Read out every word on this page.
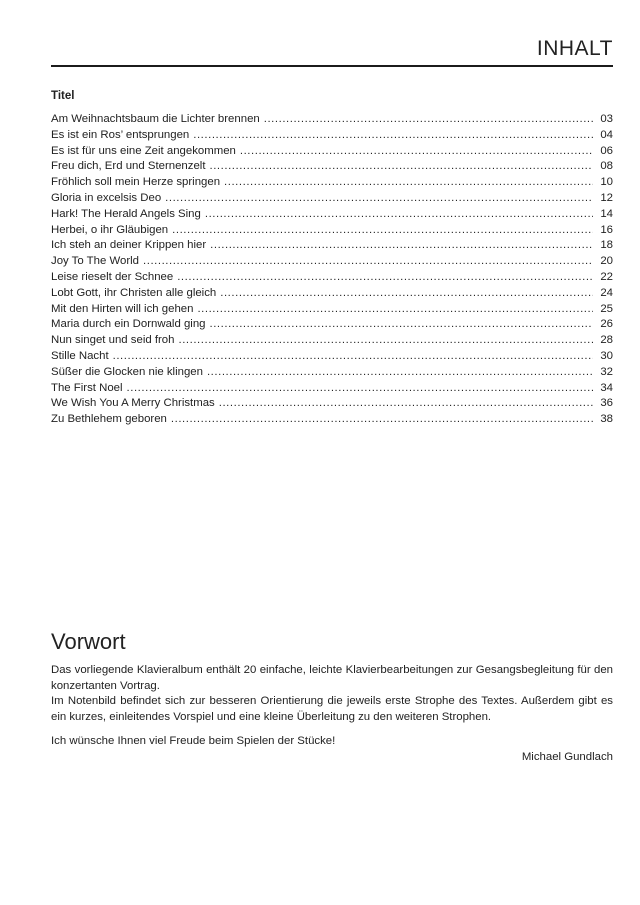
INHALT
Titel
Am Weihnachtsbaum die Lichter brennen .....	03
Es ist ein Ros’ entsprungen .....	04
Es ist für uns eine Zeit angekommen .....	06
Freu dich, Erd und Sternenzelt .....	08
Fröhlich soll mein Herze springen .....	10
Gloria in excelsis Deo .....	12
Hark! The Herald Angels Sing .....	14
Herbei, o ihr Gläubigen .....	16
Ich steh an deiner Krippen hier .....	18
Joy To The World .....	20
Leise rieselt der Schnee .....	22
Lobt Gott, ihr Christen alle gleich .....	24
Mit den Hirten will ich gehen .....	25
Maria durch ein Dornwald ging .....	26
Nun singet und seid froh .....	28
Stille Nacht .....	30
Süßer die Glocken nie klingen .....	32
The First Noel .....	34
We Wish You A Merry Christmas .....	36
Zu Bethlehem geboren .....	38
Vorwort

Das vorliegende Klavieralbum enthält 20 einfache, leichte Klavierbearbeitungen zur Gesangsbegleitung für den konzertanten Vortrag.

Im Notenbild befindet sich zur besseren Orientierung die jeweils erste Strophe des Textes. Außerdem gibt es ein kurzes, einleitendes Vorspiel und eine kleine Überleitung zu den weiteren Strophen.

Ich wünsche Ihnen viel Freude beim Spielen der Stücke!

Michael Gundlach
